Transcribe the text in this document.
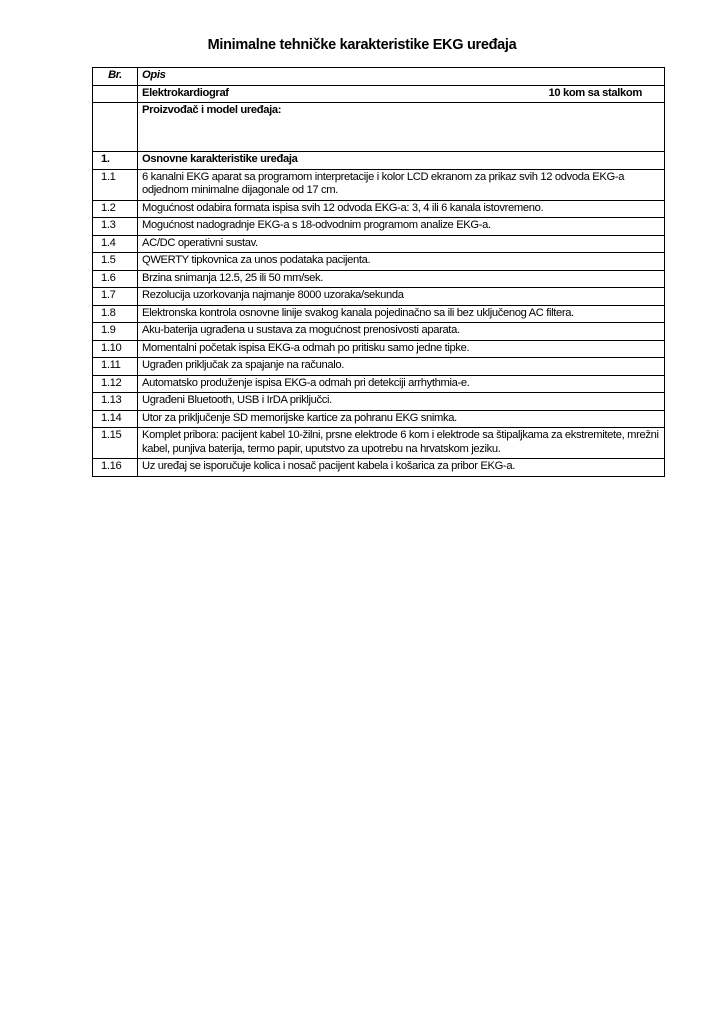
Minimalne tehničke karakteristike EKG uređaja
Br.	Opis
	Elektrokardiograf 10 kom sa stalkom

	Proizvođač i model uređaja:
1.	Osnovne karakteristike uređaja
1.1	6 kanalni EKG aparat sa programom interpretacije i kolor LCD ekranom za prikaz svih 12 odvoda EKG-a odjednom minimalne dijagonale od 17 cm.
1.2	Mogućnost odabira formata ispisa svih 12 odvoda EKG-a: 3, 4 ili 6 kanala istovremeno.
1.3	Mogućnost nadogradnje EKG-a s 18-odvodnim programom analize EKG-a.
1.4	AC/DC operativni sustav.
1.5	QWERTY tipkovnica za unos podataka pacijenta.
1.6	Brzina snimanja 12.5, 25 ili 50 mm/sek.
1.7	Rezolucija uzorkovanja najmanje 8000 uzoraka/sekunda
1.8	Elektronska kontrola osnovne linije svakog kanala pojedinačno sa ili bez uključenog AC filtera.
1.9	Aku-baterija ugrađena u sustava za mogućnost prenosivosti aparata.
1.10	Momentalni početak ispisa EKG-a odmah po pritisku samo jedne tipke.
1.11	Ugrađen priključak za spajanje na računalo.
1.12	Automatsko produženje ispisa EKG-a odmah pri detekciji arrhythmia-e.
1.13	Ugrađeni Bluetooth, USB i IrDA priključci.
1.14	Utor za priključenje SD memorijske kartice za pohranu EKG snimka.
1.15	Komplet pribora: pacijent kabel 10-žilni, prsne elektrode 6 kom i elektrode sa štipaljkama za ekstremitete, mrežni kabel, punjiva baterija, termo papir, uputstvo za upotrebu na hrvatskom jeziku.
1.16	Uz uređaj se isporučuje kolica i nosač pacijent kabela i košarica za pribor EKG-a.
